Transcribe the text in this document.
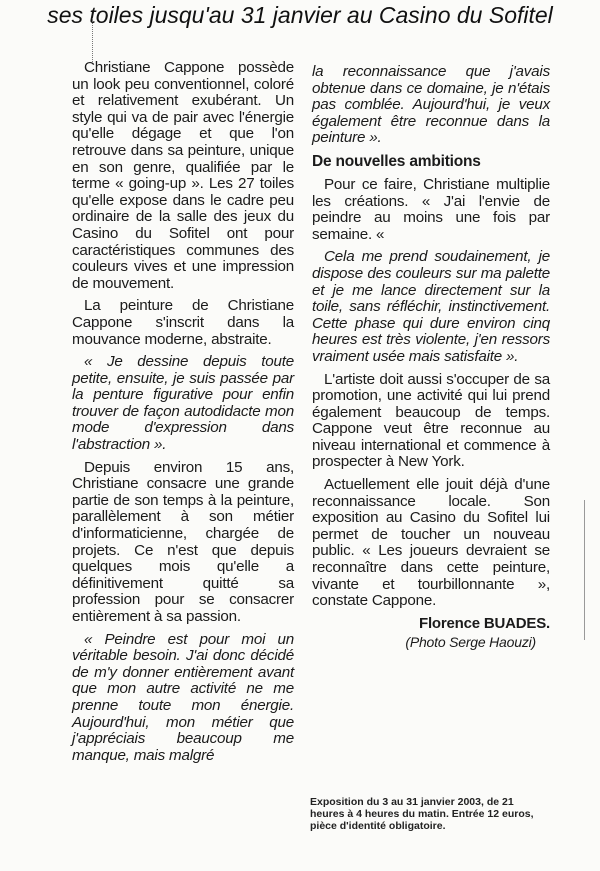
ses toiles jusqu'au 31 janvier au Casino du Sofitel

Christiane Cappone possède un look peu conventionnel, coloré et relativement exubérant. Un style qui va de pair avec l'énergie qu'elle dégage et que l'on retrouve dans sa peinture, unique en son genre, qualifiée par le terme « going-up ». Les 27 toiles qu'elle expose dans le cadre peu ordinaire de la salle des jeux du Casino du Sofitel ont pour caractéristiques communes des couleurs vives et une impression de mouvement.

La peinture de Christiane Cappone s'inscrit dans la mouvance moderne, abstraite.

« Je dessine depuis toute petite, ensuite, je suis passée par la penture figurative pour enfin trouver de façon autodidacte mon mode d'expression dans l'abstraction ».

Depuis environ 15 ans, Christiane consacre une grande partie de son temps à la peinture, parallèlement à son métier d'informaticienne, chargée de projets. Ce n'est que depuis quelques mois qu'elle a définitivement quitté sa profession pour se consacrer entièrement à sa passion.

« Peindre est pour moi un véritable besoin. J'ai donc décidé de m'y donner entièrement avant que mon autre activité ne me prenne toute mon énergie. Aujourd'hui, mon métier que j'appréciais beaucoup me manque, mais malgré

la reconnaissance que j'avais obtenue dans ce domaine, je n'étais pas comblée. Aujourd'hui, je veux également être reconnue dans la peinture ».

De nouvelles ambitions

Pour ce faire, Christiane multiplie les créations. « J'ai l'envie de peindre au moins une fois par semaine. «

Cela me prend soudainement, je dispose des couleurs sur ma palette et je me lance directement sur la toile, sans réfléchir, instinctivement. Cette phase qui dure environ cinq heures est très violente, j'en ressors vraiment usée mais satisfaite ».

L'artiste doit aussi s'occuper de sa promotion, une activité qui lui prend également beaucoup de temps. Cappone veut être reconnue au niveau international et commence à prospecter à New York.

Actuellement elle jouit déjà d'une reconnaissance locale. Son exposition au Casino du Sofitel lui permet de toucher un nouveau public. « Les joueurs devraient se reconnaître dans cette peinture, vivante et tourbillonnante », constate Cappone.

Florence BUADES.
(Photo Serge Haouzi)
Exposition du 3 au 31 janvier 2003, de 21 heures à 4 heures du matin. Entrée 12 euros, pièce d'identité obligatoire.
